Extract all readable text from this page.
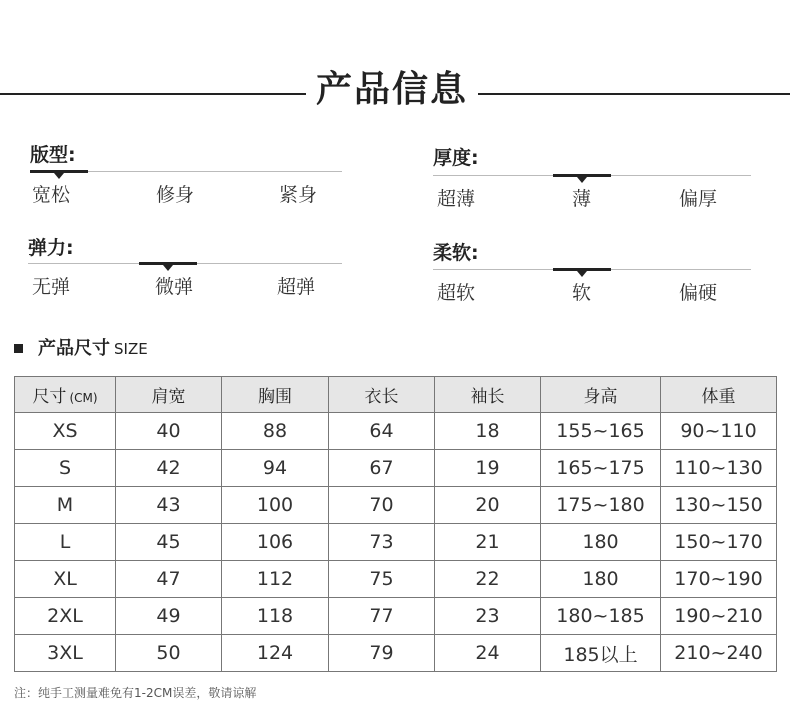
产品信息
版型:
宽松	修身	紧身
厚度:
超薄	薄	偏厚
弹力:
无弹	微弹	超弹
柔软:
超软	软	偏硬
产品尺寸 SIZE
尺寸 (CM)	肩宽	胸围	衣长	袖长	身高	体重
XS	40	88	64	18	155~165	90~110
S	42	94	67	19	165~175	110~130
M	43	100	70	20	175~180	130~150
L	45	106	73	21	180	150~170
XL	47	112	75	22	180	170~190
2XL	49	118	77	23	180~185	190~210
3XL	50	124	79	24	185以上	210~240
注：纯手工测量难免有1-2CM误差，敬请谅解
